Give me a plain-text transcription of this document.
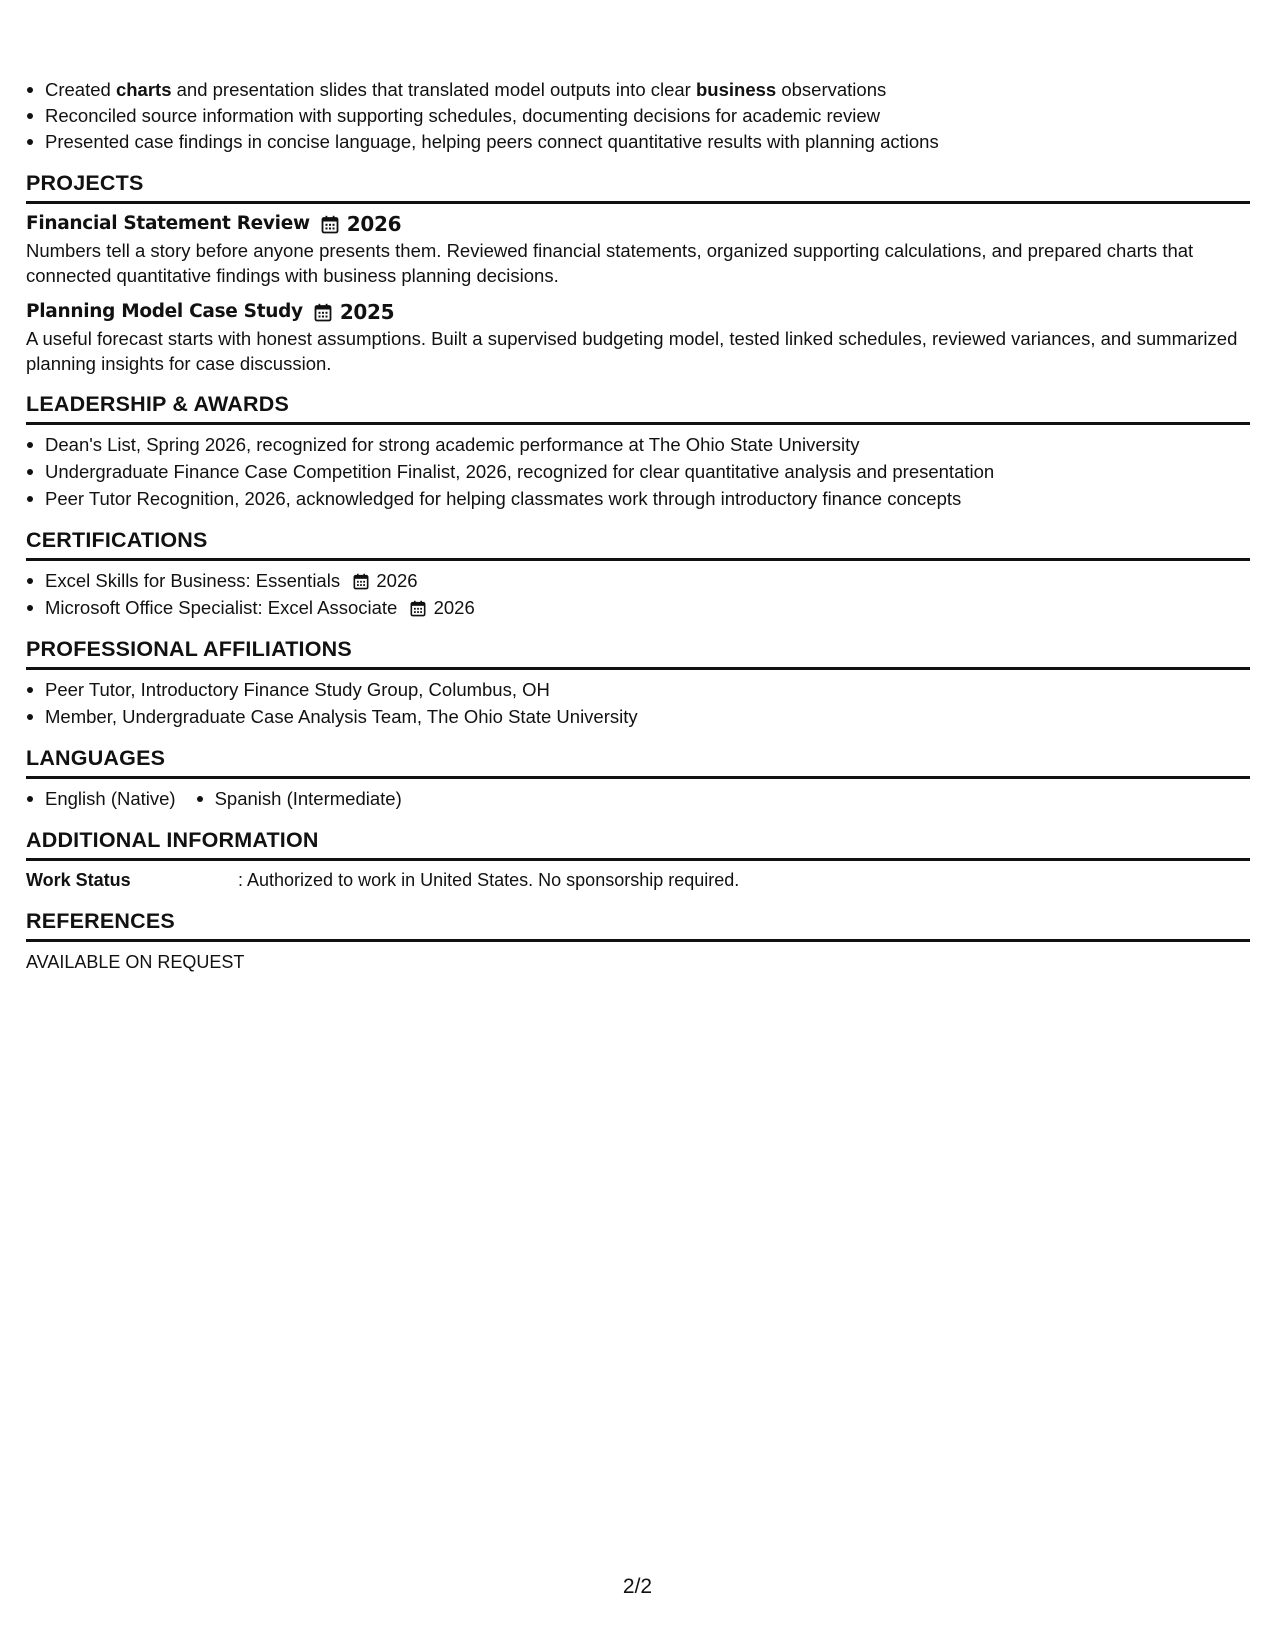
Created charts and presentation slides that translated model outputs into clear business observations
Reconciled source information with supporting schedules, documenting decisions for academic review
Presented case findings in concise language, helping peers connect quantitative results with planning actions
PROJECTS
Financial Statement Review 2026
Numbers tell a story before anyone presents them. Reviewed financial statements, organized supporting calculations, and prepared charts that connected quantitative findings with business planning decisions.
Planning Model Case Study 2025
A useful forecast starts with honest assumptions. Built a supervised budgeting model, tested linked schedules, reviewed variances, and summarized planning insights for case discussion.
LEADERSHIP & AWARDS
Dean's List, Spring 2026, recognized for strong academic performance at The Ohio State University
Undergraduate Finance Case Competition Finalist, 2026, recognized for clear quantitative analysis and presentation
Peer Tutor Recognition, 2026, acknowledged for helping classmates work through introductory finance concepts
CERTIFICATIONS
Excel Skills for Business: Essentials 2026
Microsoft Office Specialist: Excel Associate 2026
PROFESSIONAL AFFILIATIONS
Peer Tutor, Introductory Finance Study Group, Columbus, OH
Member, Undergraduate Case Analysis Team, The Ohio State University
LANGUAGES
English (Native)	Spanish (Intermediate)
ADDITIONAL INFORMATION
Work Status	: Authorized to work in United States. No sponsorship required.
REFERENCES
AVAILABLE ON REQUEST
2/2
